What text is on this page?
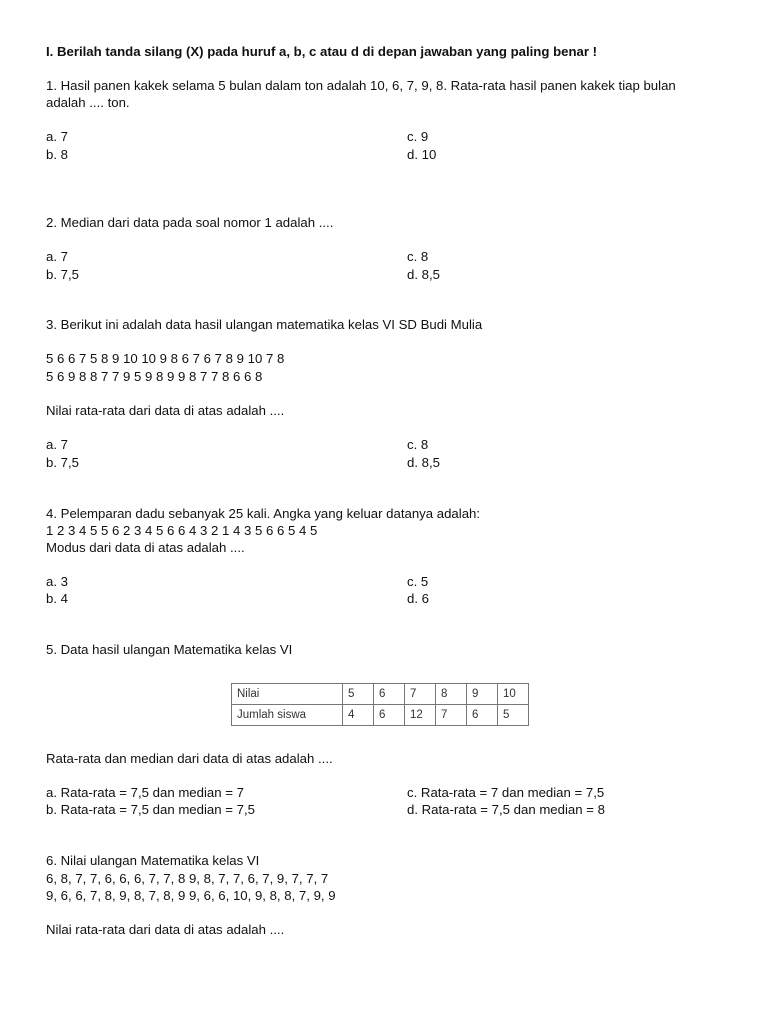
I. Berilah tanda silang (X) pada huruf a, b, c atau d di depan jawaban yang paling benar !
1. Hasil panen kakek selama 5 bulan dalam ton adalah 10, 6, 7, 9, 8. Rata-rata hasil panen kakek tiap bulan
adalah .... ton.
a. 7	c. 9
b. 8	d. 10
2. Median dari data pada soal nomor 1 adalah ....
a. 7	c. 8
b. 7,5	d. 8,5
3. Berikut ini adalah data hasil ulangan matematika kelas VI SD Budi Mulia
5 6 6 7 5 8 9 10 10 9 8 6 7 6 7 8 9 10 7 8
5 6 9 8 8 7 7 9 5 9 8 9 9 8 7 7 8 6 6 8
Nilai rata-rata dari data di atas adalah ....
a. 7	c. 8
b. 7,5	d. 8,5
4. Pelemparan dadu sebanyak 25 kali. Angka yang keluar datanya adalah:
1 2 3 4 5 5 6 2 3 4 5 6 6 4 3 2 1 4 3 5 6 6 5 4 5
Modus dari data di atas adalah ....
a. 3	c. 5
b. 4	d. 6
5. Data hasil ulangan Matematika kelas VI
Nilai	5	6	7	8	9	10
Jumlah siswa	4	6	12	7	6	5
Rata-rata dan median dari data di atas adalah ....
a. Rata-rata = 7,5 dan median = 7	c. Rata-rata = 7 dan median = 7,5
b. Rata-rata = 7,5 dan median = 7,5	d. Rata-rata = 7,5 dan median = 8
6. Nilai ulangan Matematika kelas VI
6, 8, 7, 7, 6, 6, 6, 7, 7, 8 9, 8, 7, 7, 6, 7, 9, 7, 7, 7
9, 6, 6, 7, 8, 9, 8, 7, 8, 9 9, 6, 6, 10, 9, 8, 8, 7, 9, 9
Nilai rata-rata dari data di atas adalah ....
